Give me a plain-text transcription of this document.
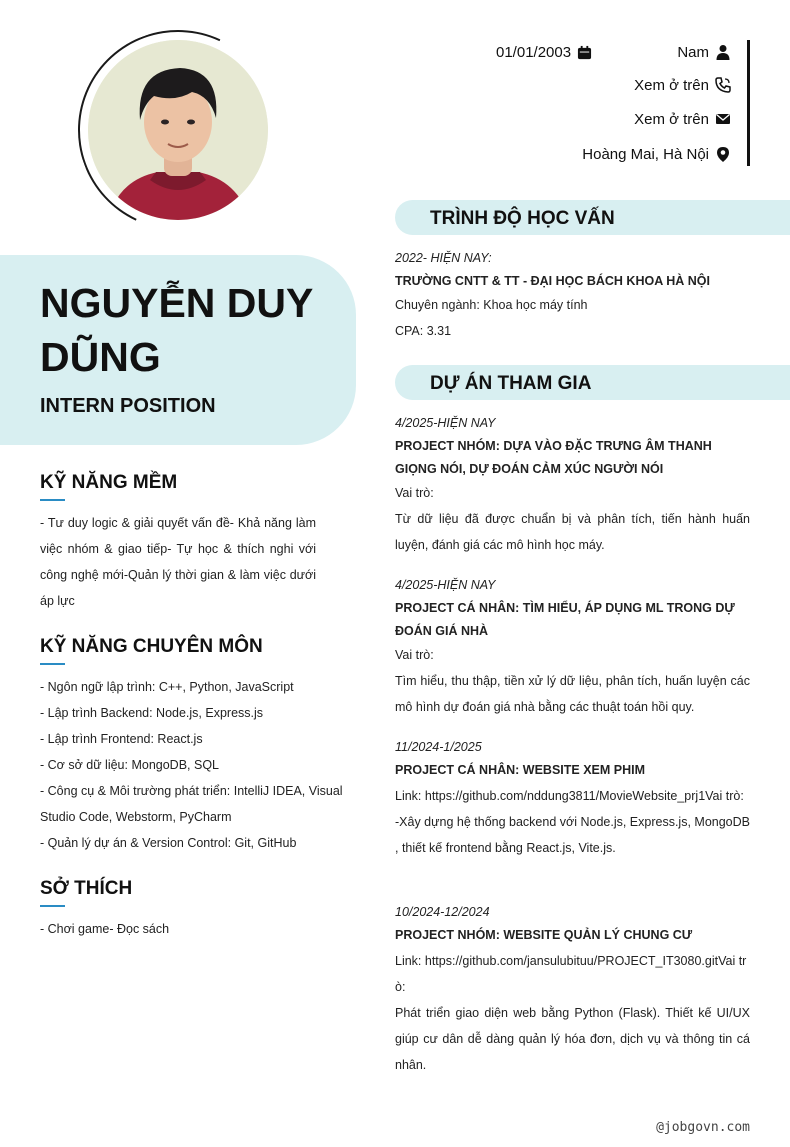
01/01/2003	Nam
Xem ở trên
Xem ở trên
Hoàng Mai, Hà Nội
NGUYỄN DUY DŨNG
INTERN POSITION
KỸ NĂNG MỀM
- Tư duy logic & giải quyết vấn đề- Khả năng làm việc nhóm & giao tiếp- Tự học & thích nghi với công nghệ mới-Quản lý thời gian & làm việc dưới áp lực
KỸ NĂNG CHUYÊN MÔN
- Ngôn ngữ lập trình: C++, Python, JavaScript
- Lập trình Backend: Node.js, Express.js
- Lập trình Frontend: React.js
- Cơ sở dữ liệu: MongoDB, SQL
- Công cụ & Môi trường phát triển: IntelliJ IDEA, Visual Studio Code, Webstorm, PyCharm
- Quản lý dự án & Version Control: Git, GitHub
SỞ THÍCH
- Chơi game- Đọc sách
TRÌNH ĐỘ HỌC VẤN
2022- HIỆN NAY:
TRƯỜNG CNTT & TT - ĐẠI HỌC BÁCH KHOA HÀ NỘI
Chuyên ngành: Khoa học máy tính
CPA: 3.31
DỰ ÁN THAM GIA
4/2025-HIỆN NAY
PROJECT NHÓM: DỰA VÀO ĐẶC TRƯNG ÂM THANH GIỌNG NÓI, DỰ ĐOÁN CẢM XÚC NGƯỜI NÓI
Vai trò:
Từ dữ liệu đã được chuẩn bị và phân tích, tiến hành huấn luyện, đánh giá các mô hình học máy.
4/2025-HIỆN NAY
PROJECT CÁ NHÂN: TÌM HIỂU, ÁP DỤNG ML TRONG DỰ ĐOÁN GIÁ NHÀ
Vai trò:
Tìm hiểu, thu thập, tiền xử lý dữ liệu, phân tích, huấn luyện các mô hình dự đoán giá nhà bằng các thuật toán hồi quy.
11/2024-1/2025
PROJECT CÁ NHÂN: WEBSITE XEM PHIM
Link: https://github.com/nddung3811/MovieWebsite_prj1Vai trò:
-Xây dựng hệ thống backend với Node.js, Express.js, MongoDB , thiết kế frontend bằng React.js, Vite.js.
10/2024-12/2024
PROJECT NHÓM: WEBSITE QUẢN LÝ CHUNG CƯ
Link: https://github.com/jansulubituu/PROJECT_IT3080.gitVai trò:
Phát triển giao diện web bằng Python (Flask). Thiết kế UI/UX giúp cư dân dễ dàng quản lý hóa đơn, dịch vụ và thông tin cá nhân.
@jobgovn.com
